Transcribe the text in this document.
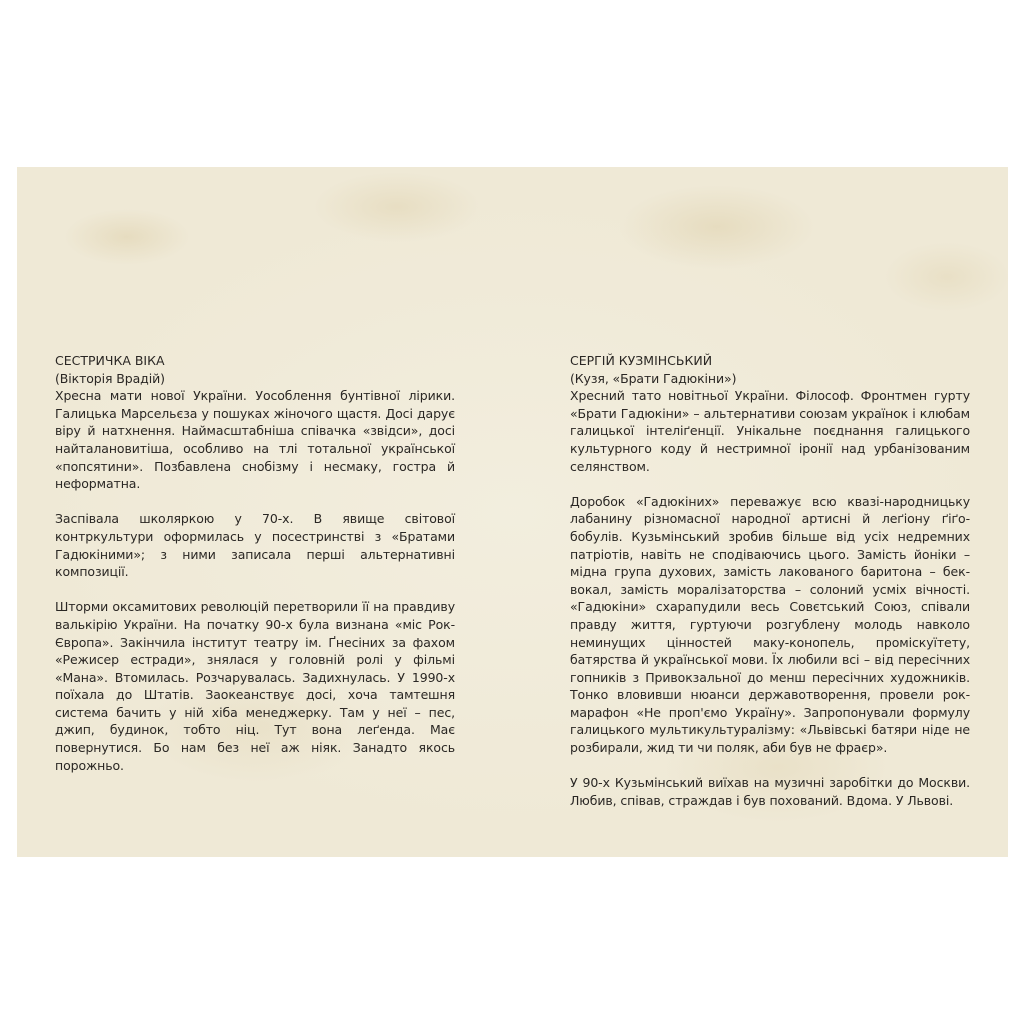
СЕСТРИЧКА ВІКА

(Вікторія Врадій)

Хресна мати нової України. Уособлення бунтівної лірики. Галицька Марсельєза у пошуках жіночого щастя. Досі дарує віру й натхнення. Наймасштабніша співачка «звідси», досі найталановитіша, особливо на тлі тотальної української «попсятини». Позбавлена снобізму і несмаку, гостра й неформатна.

Заспівала школяркою у 70-х. В явище світової контркультури оформилась у посестринстві з «Братами Гадюкіними»; з ними записала перші альтернативні композиції.

Шторми оксамитових революцій перетворили її на правдиву валькірію України. На початку 90-х була визнана «міс Рок-Європа». Закінчила інститут театру ім. Ґнесіних за фахом «Режисер естради», знялася у головній ролі у фільмі «Мана». Втомилась. Розчарувалась. Задихнулась. У 1990-х поїхала до Штатів. Заокеанствує досі, хоча тамтешня система бачить у ній хіба менеджерку. Там у неї – пес, джип, будинок, тобто ніц. Тут вона леґенда. Має повернутися. Бо нам без неї аж ніяк. Занадто якось порожньо.

СЕРГІЙ КУЗМІНСЬКИЙ

(Кузя, «Брати Гадюкіни»)

Хресний тато новітньої України. Філософ. Фронтмен гурту «Брати Гадюкіни» – альтернативи союзам українок і клюбам галицької інтеліґенції. Унікальне поєднання галицького культурного коду й нестримної іронії над урбанізованим селянством.

Доробок «Гадюкіних» переважує всю квазі-народницьку лабанину різномасної народної артисні й леґіону ґіґо-бобулів. Кузьмінський зробив більше від усіх недремних патріотів, навіть не сподіваючись цього. Замість йоніки – мідна група духових, замість лакованого баритона – бек-вокал, замість моралізаторства – солоний усміх вічності. «Гадюкіни» схарапудили весь Совєтський Союз, співали правду життя, гуртуючи розгублену молодь навколо неминущих цінностей маку-конопель, промiскуїтету, батярства й української мови. Їх любили всі – від пересічних гопників з Привокзальної до менш пересічних художників. Тонко вловивши нюанси державотворення, провели рок-марафон «Не проп'ємо Україну». Запропонували формулу галицького мультикультуралізму: «Львівські батяри ніде не розбирали, жид ти чи поляк, аби був не фраєр».

У 90-х Кузьмінський виїхав на музичні заробітки до Москви. Любив, співав, страждав і був похований. Вдома. У Львові.
